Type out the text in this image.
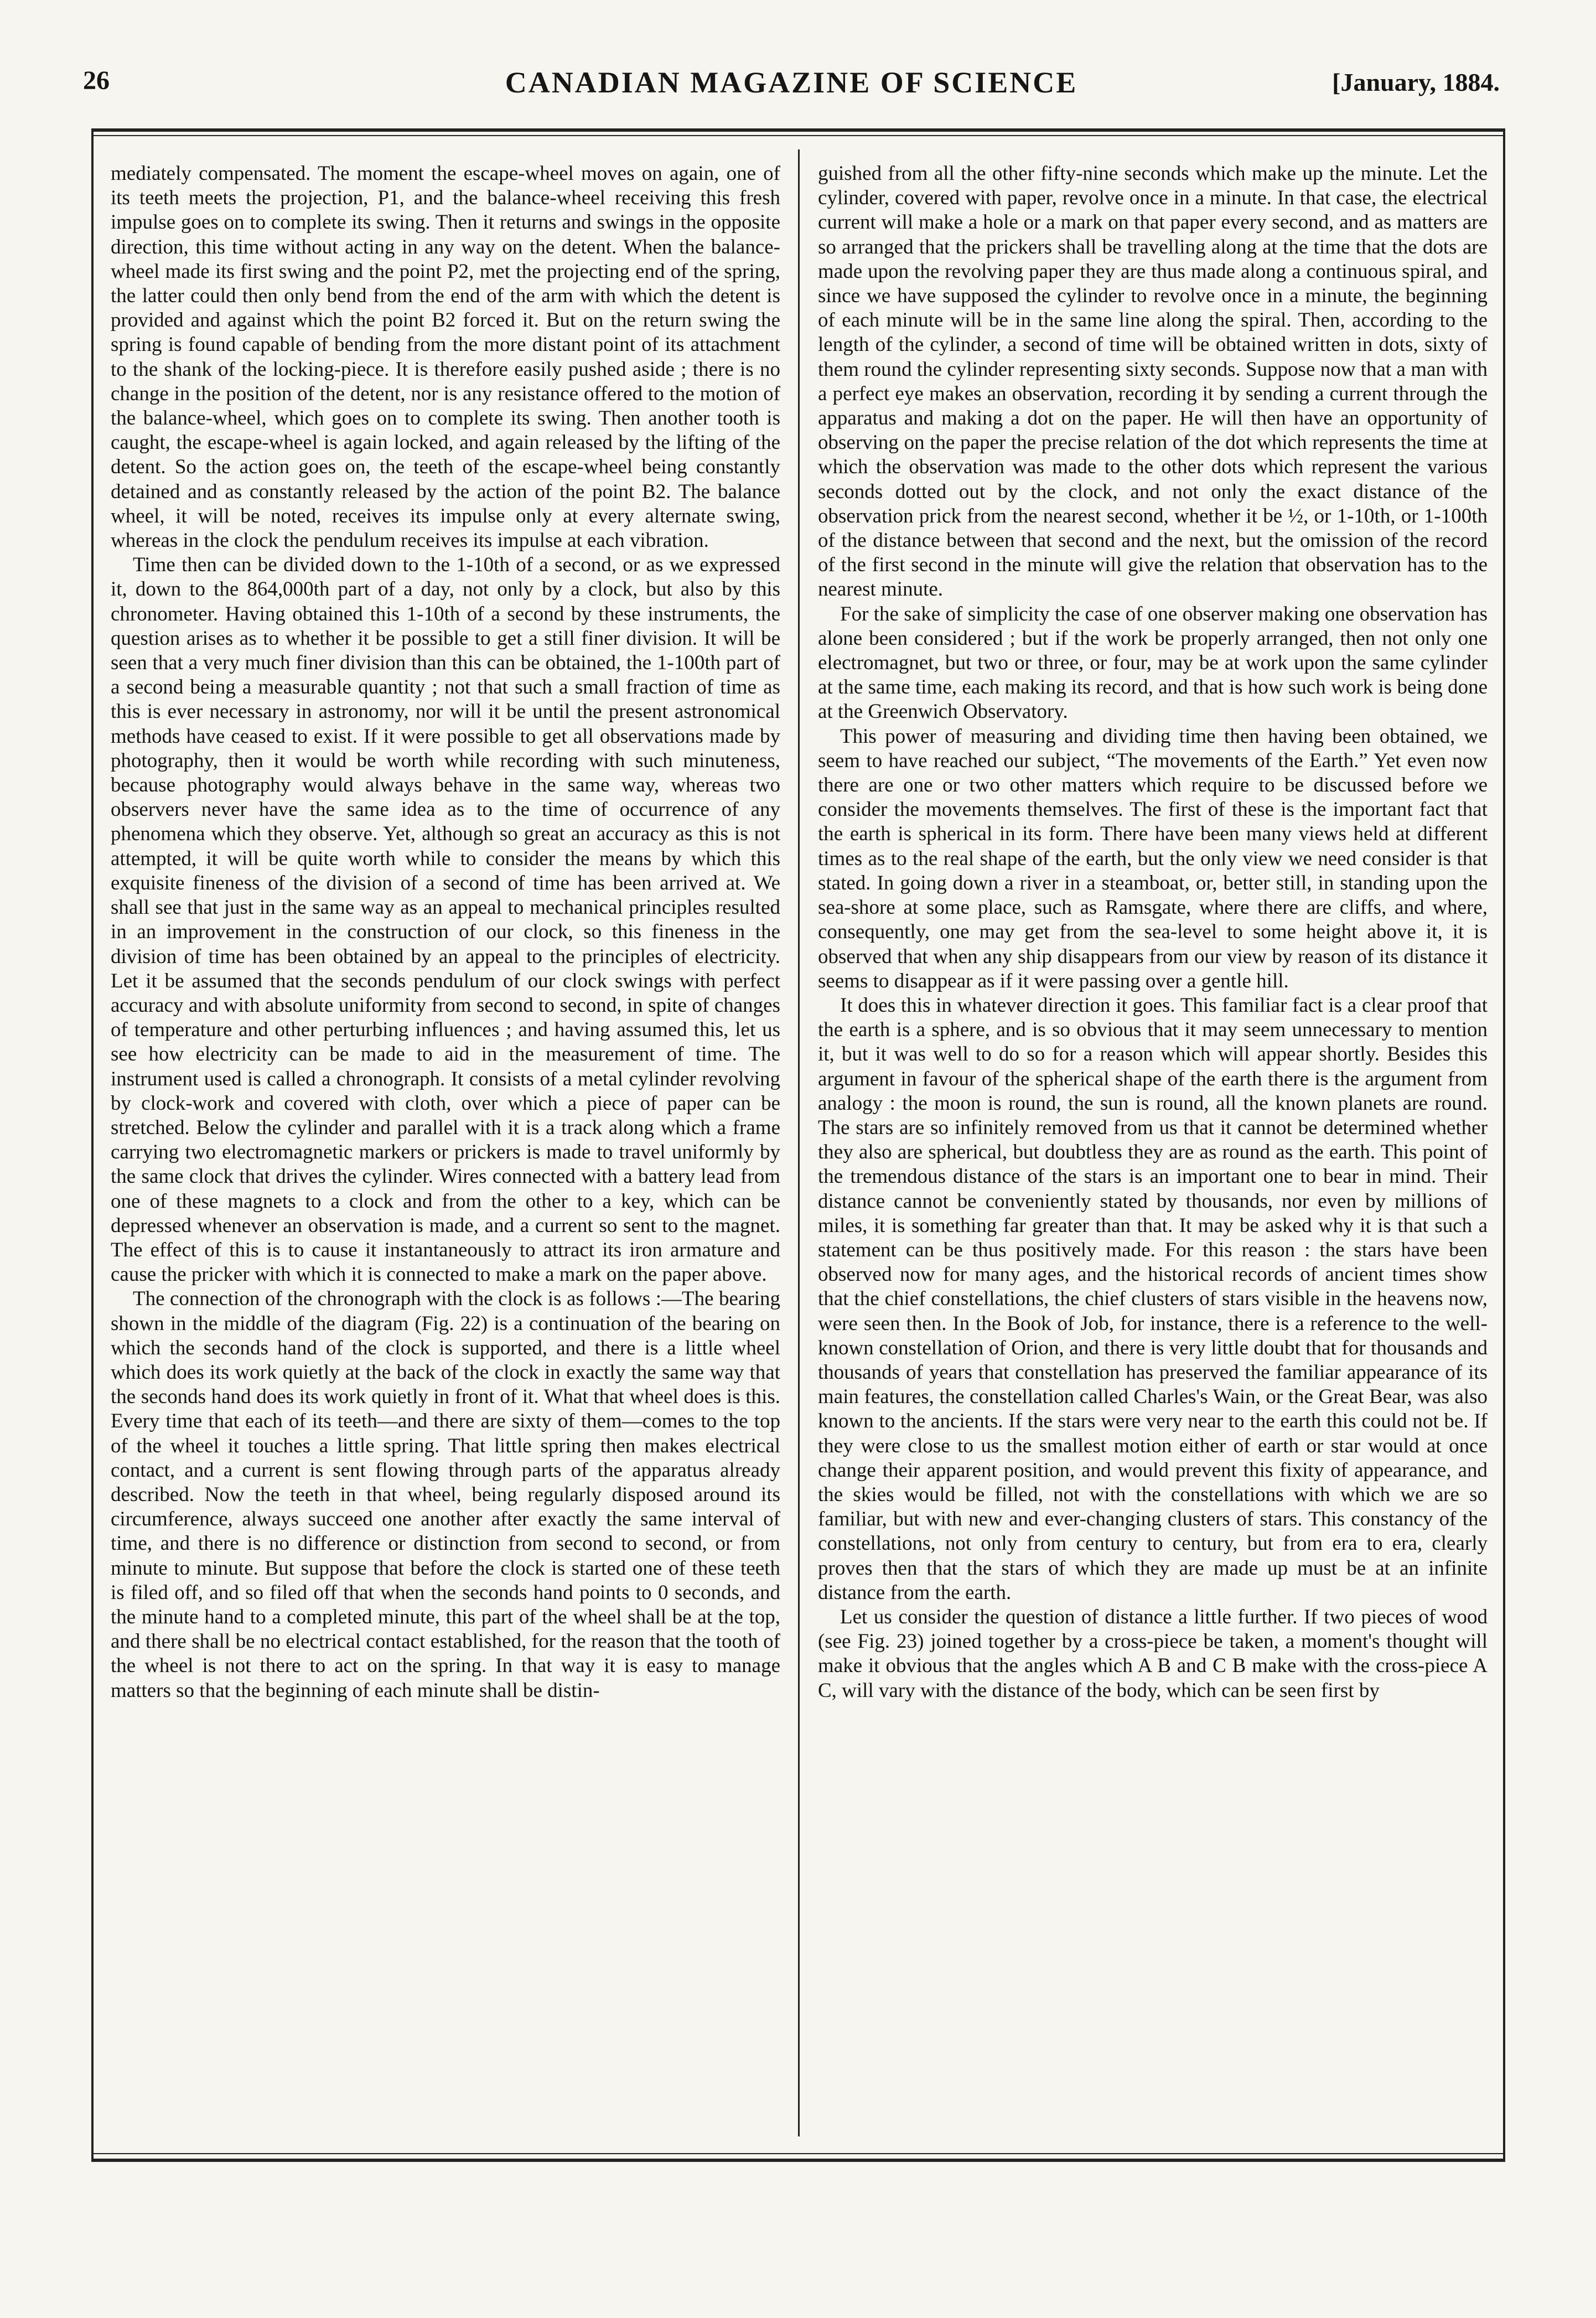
26	CANADIAN MAGAZINE OF SCIENCE	[January, 1884.

mediately compensated. The moment the escape-wheel moves on again, one of its teeth meets the projection, P1, and the balance-wheel receiving this fresh impulse goes on to complete its swing. Then it returns and swings in the opposite direction, this time without acting in any way on the detent. When the balance-wheel made its first swing and the point P2, met the projecting end of the spring, the latter could then only bend from the end of the arm with which the detent is provided and against which the point B2 forced it. But on the return swing the spring is found capable of bending from the more distant point of its attachment to the shank of the locking-piece. It is therefore easily pushed aside ; there is no change in the position of the detent, nor is any resistance offered to the motion of the balance-wheel, which goes on to complete its swing. Then another tooth is caught, the escape-wheel is again locked, and again released by the lifting of the detent. So the action goes on, the teeth of the escape-wheel being constantly detained and as constantly released by the action of the point B2. The balance wheel, it will be noted, receives its impulse only at every alternate swing, whereas in the clock the pendulum receives its impulse at each vibration.

Time then can be divided down to the 1-10th of a second, or as we expressed it, down to the 864,000th part of a day, not only by a clock, but also by this chronometer. Having obtained this 1-10th of a second by these instruments, the question arises as to whether it be possible to get a still finer division. It will be seen that a very much finer division than this can be obtained, the 1-100th part of a second being a measurable quantity ; not that such a small fraction of time as this is ever necessary in astronomy, nor will it be until the present astronomical methods have ceased to exist. If it were possible to get all observations made by photography, then it would be worth while recording with such minuteness, because photography would always behave in the same way, whereas two observers never have the same idea as to the time of occurrence of any phenomena which they observe. Yet, although so great an accuracy as this is not attempted, it will be quite worth while to consider the means by which this exquisite fineness of the division of a second of time has been arrived at. We shall see that just in the same way as an appeal to mechanical principles resulted in an improvement in the construction of our clock, so this fineness in the division of time has been obtained by an appeal to the principles of electricity. Let it be assumed that the seconds pendulum of our clock swings with perfect accuracy and with absolute uniformity from second to second, in spite of changes of temperature and other perturbing influences ; and having assumed this, let us see how electricity can be made to aid in the measurement of time. The instrument used is called a chronograph. It consists of a metal cylinder revolving by clock-work and covered with cloth, over which a piece of paper can be stretched. Below the cylinder and parallel with it is a track along which a frame carrying two electromagnetic markers or prickers is made to travel uniformly by the same clock that drives the cylinder. Wires connected with a battery lead from one of these magnets to a clock and from the other to a key, which can be depressed whenever an observation is made, and a current so sent to the magnet. The effect of this is to cause it instantaneously to attract its iron armature and cause the pricker with which it is connected to make a mark on the paper above.

The connection of the chronograph with the clock is as follows :—The bearing shown in the middle of the diagram (Fig. 22) is a continuation of the bearing on which the seconds hand of the clock is supported, and there is a little wheel which does its work quietly at the back of the clock in exactly the same way that the seconds hand does its work quietly in front of it. What that wheel does is this. Every time that each of its teeth—and there are sixty of them—comes to the top of the wheel it touches a little spring. That little spring then makes electrical contact, and a current is sent flowing through parts of the apparatus already described. Now the teeth in that wheel, being regularly disposed around its circumference, always succeed one another after exactly the same interval of time, and there is no difference or distinction from second to second, or from minute to minute. But suppose that before the clock is started one of these teeth is filed off, and so filed off that when the seconds hand points to 0 seconds, and the minute hand to a completed minute, this part of the wheel shall be at the top, and there shall be no electrical contact established, for the reason that the tooth of the wheel is not there to act on the spring. In that way it is easy to manage matters so that the beginning of each minute shall be distin-

guished from all the other fifty-nine seconds which make up the minute. Let the cylinder, covered with paper, revolve once in a minute. In that case, the electrical current will make a hole or a mark on that paper every second, and as matters are so arranged that the prickers shall be travelling along at the time that the dots are made upon the revolving paper they are thus made along a continuous spiral, and since we have supposed the cylinder to revolve once in a minute, the beginning of each minute will be in the same line along the spiral. Then, according to the length of the cylinder, a second of time will be obtained written in dots, sixty of them round the cylinder representing sixty seconds. Suppose now that a man with a perfect eye makes an observation, recording it by sending a current through the apparatus and making a dot on the paper. He will then have an opportunity of observing on the paper the precise relation of the dot which represents the time at which the observation was made to the other dots which represent the various seconds dotted out by the clock, and not only the exact distance of the observation prick from the nearest second, whether it be ½, or 1-10th, or 1-100th of the distance between that second and the next, but the omission of the record of the first second in the minute will give the relation that observation has to the nearest minute.

For the sake of simplicity the case of one observer making one observation has alone been considered ; but if the work be properly arranged, then not only one electromagnet, but two or three, or four, may be at work upon the same cylinder at the same time, each making its record, and that is how such work is being done at the Greenwich Observatory.

This power of measuring and dividing time then having been obtained, we seem to have reached our subject, “The movements of the Earth.” Yet even now there are one or two other matters which require to be discussed before we consider the movements themselves. The first of these is the important fact that the earth is spherical in its form. There have been many views held at different times as to the real shape of the earth, but the only view we need consider is that stated. In going down a river in a steamboat, or, better still, in standing upon the sea-shore at some place, such as Ramsgate, where there are cliffs, and where, consequently, one may get from the sea-level to some height above it, it is observed that when any ship disappears from our view by reason of its distance it seems to disappear as if it were passing over a gentle hill.

It does this in whatever direction it goes. This familiar fact is a clear proof that the earth is a sphere, and is so obvious that it may seem unnecessary to mention it, but it was well to do so for a reason which will appear shortly. Besides this argument in favour of the spherical shape of the earth there is the argument from analogy : the moon is round, the sun is round, all the known planets are round. The stars are so infinitely removed from us that it cannot be determined whether they also are spherical, but doubtless they are as round as the earth. This point of the tremendous distance of the stars is an important one to bear in mind. Their distance cannot be conveniently stated by thousands, nor even by millions of miles, it is something far greater than that. It may be asked why it is that such a statement can be thus positively made. For this reason : the stars have been observed now for many ages, and the historical records of ancient times show that the chief constellations, the chief clusters of stars visible in the heavens now, were seen then. In the Book of Job, for instance, there is a reference to the well-known constellation of Orion, and there is very little doubt that for thousands and thousands of years that constellation has preserved the familiar appearance of its main features, the constellation called Charles's Wain, or the Great Bear, was also known to the ancients. If the stars were very near to the earth this could not be. If they were close to us the smallest motion either of earth or star would at once change their apparent position, and would prevent this fixity of appearance, and the skies would be filled, not with the constellations with which we are so familiar, but with new and ever-changing clusters of stars. This constancy of the constellations, not only from century to century, but from era to era, clearly proves then that the stars of which they are made up must be at an infinite distance from the earth.

Let us consider the question of distance a little further. If two pieces of wood (see Fig. 23) joined together by a cross-piece be taken, a moment's thought will make it obvious that the angles which A B and C B make with the cross-piece A C, will vary with the distance of the body, which can be seen first by
